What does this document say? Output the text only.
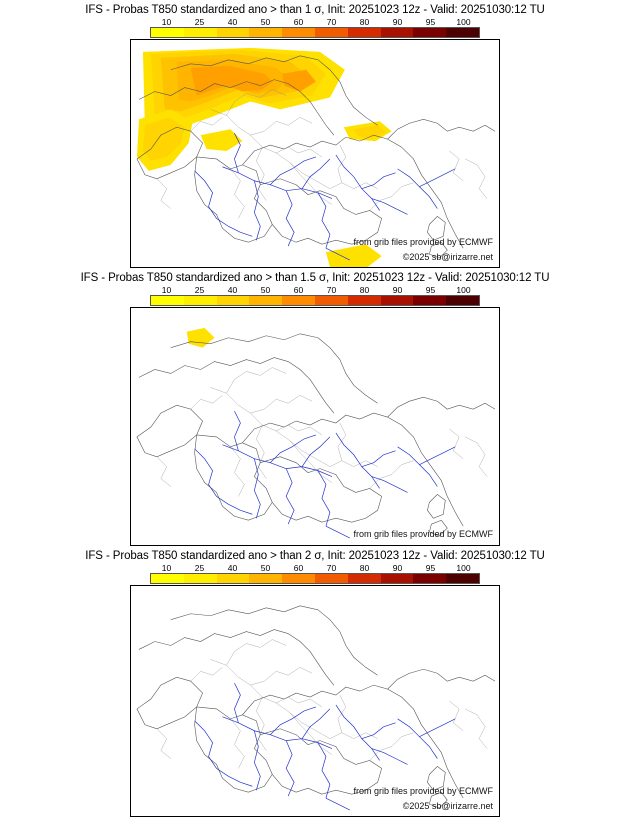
IFS - Probas T850 standardized ano > than 1 σ, Init: 20251023 12z - Valid: 20251030:12 TU
10	25	40	50	60	70	80	90	95 100
from grib files provided by ECMWF
©2025 sb@irizarre.net
IFS - Probas T850 standardized ano > than 1.5 σ, Init: 20251023 12z - Valid: 20251030:12 TU
10	25	40	50	60	70	80	90	95 100
from grib files provided by ECMWF
IFS - Probas T850 standardized ano > than 2 σ, Init: 20251023 12z - Valid: 20251030:12 TU
10	25	40	50	60	70	80	90	95 100
from grib files provided by ECMWF
©2025 sb@irizarre.net
